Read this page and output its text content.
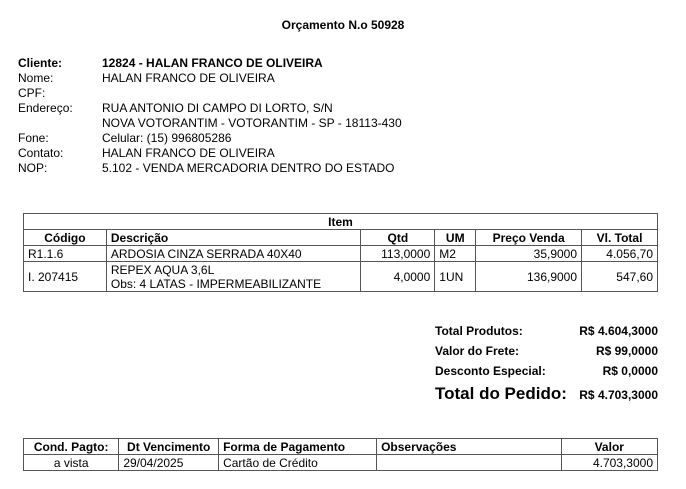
Orçamento N.o 50928
Cliente:	12824 - HALAN FRANCO DE OLIVEIRA
Nome:	HALAN FRANCO DE OLIVEIRA
CPF:
Endereço:	RUA ANTONIO DI CAMPO DI LORTO, S/N
NOVA VOTORANTIM - VOTORANTIM - SP - 18113-430
Fone:	Celular: (15) 996805286
Contato:	HALAN FRANCO DE OLIVEIRA
NOP:	5.102 - VENDA MERCADORIA DENTRO DO ESTADO
Item					
Código	Descrição	Qtd	UM	Preço Venda	Vl. Total
R1.1.6	ARDOSIA CINZA SERRADA 40X40	113,0000	M2	35,9000	4.056,70
I. 207415	REPEX AQUA 3,6L
Obs: 4 LATAS - IMPERMEABILIZANTE	4,0000	1UN	136,9000	547,60
Total Produtos:	R$ 4.604,3000
Valor do Frete:	R$ 99,0000
Desconto Especial:	R$ 0,0000
Total do Pedido: R$ 4.703,3000
Cond. Pagto:	Dt Vencimento	Forma de Pagamento	Observações	Valor
a vista	29/04/2025	Cartão de Crédito		4.703,3000
